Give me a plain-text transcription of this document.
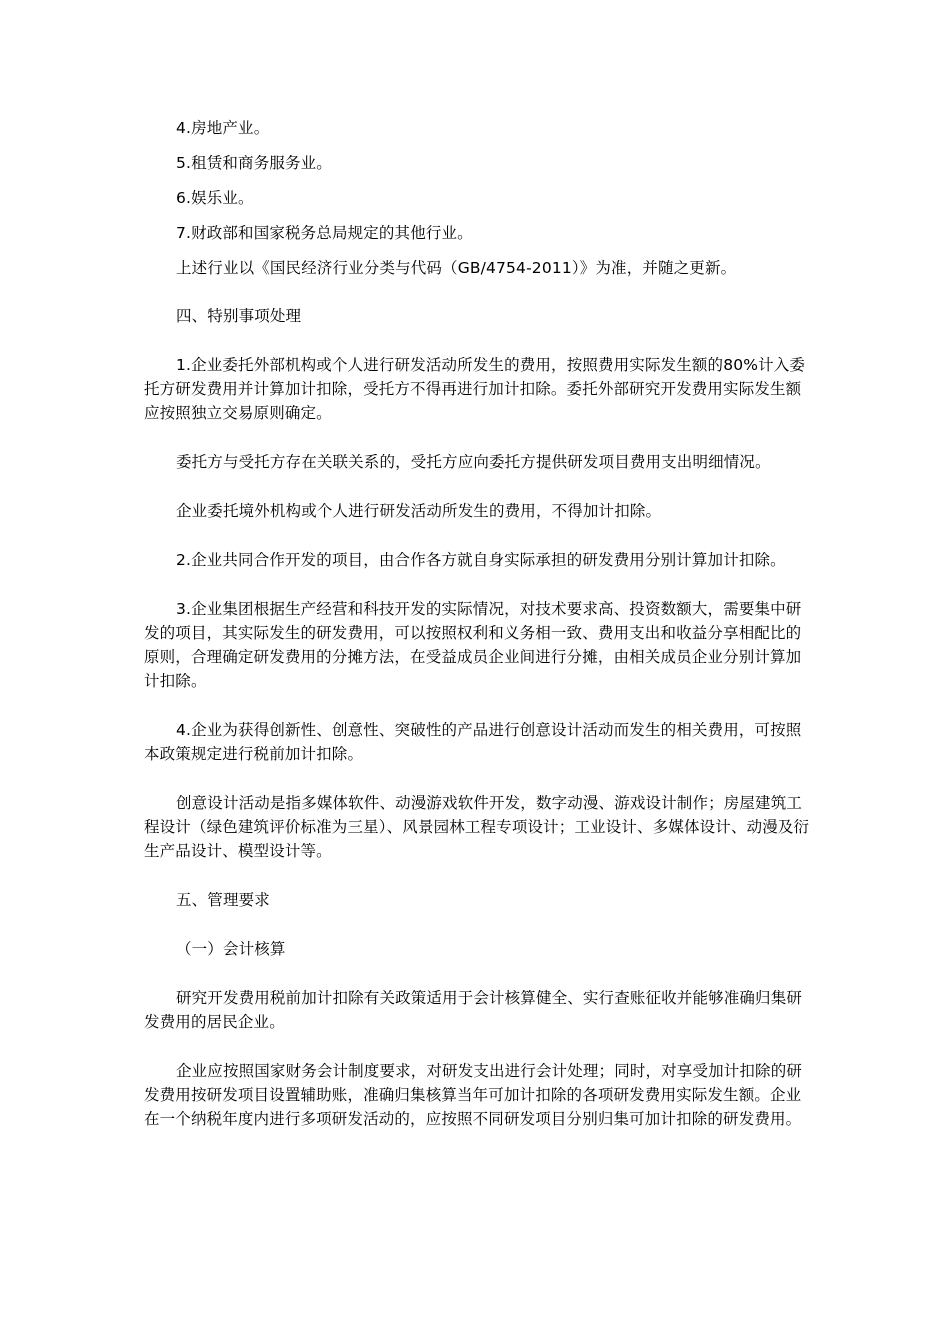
4.房地产业。

5.租赁和商务服务业。

6.娱乐业。

7.财政部和国家税务总局规定的其他行业。

上述行业以《国民经济行业分类与代码（GB/4754-2011）》为准，并随之更新。

四、特别事项处理

1.企业委托外部机构或个人进行研发活动所发生的费用，按照费用实际发生额的80%计入委托方研发费用并计算加计扣除，受托方不得再进行加计扣除。委托外部研究开发费用实际发生额应按照独立交易原则确定。

委托方与受托方存在关联关系的，受托方应向委托方提供研发项目费用支出明细情况。

企业委托境外机构或个人进行研发活动所发生的费用，不得加计扣除。

2.企业共同合作开发的项目，由合作各方就自身实际承担的研发费用分别计算加计扣除。

3.企业集团根据生产经营和科技开发的实际情况，对技术要求高、投资数额大，需要集中研发的项目，其实际发生的研发费用，可以按照权利和义务相一致、费用支出和收益分享相配比的原则，合理确定研发费用的分摊方法，在受益成员企业间进行分摊，由相关成员企业分别计算加计扣除。

4.企业为获得创新性、创意性、突破性的产品进行创意设计活动而发生的相关费用，可按照本政策规定进行税前加计扣除。

创意设计活动是指多媒体软件、动漫游戏软件开发，数字动漫、游戏设计制作；房屋建筑工程设计（绿色建筑评价标准为三星）、风景园林工程专项设计；工业设计、多媒体设计、动漫及衍生产品设计、模型设计等。

五、管理要求

（一）会计核算

研究开发费用税前加计扣除有关政策适用于会计核算健全、实行查账征收并能够准确归集研发费用的居民企业。

企业应按照国家财务会计制度要求，对研发支出进行会计处理；同时，对享受加计扣除的研发费用按研发项目设置辅助账，准确归集核算当年可加计扣除的各项研发费用实际发生额。企业在一个纳税年度内进行多项研发活动的，应按照不同研发项目分别归集可加计扣除的研发费用。
